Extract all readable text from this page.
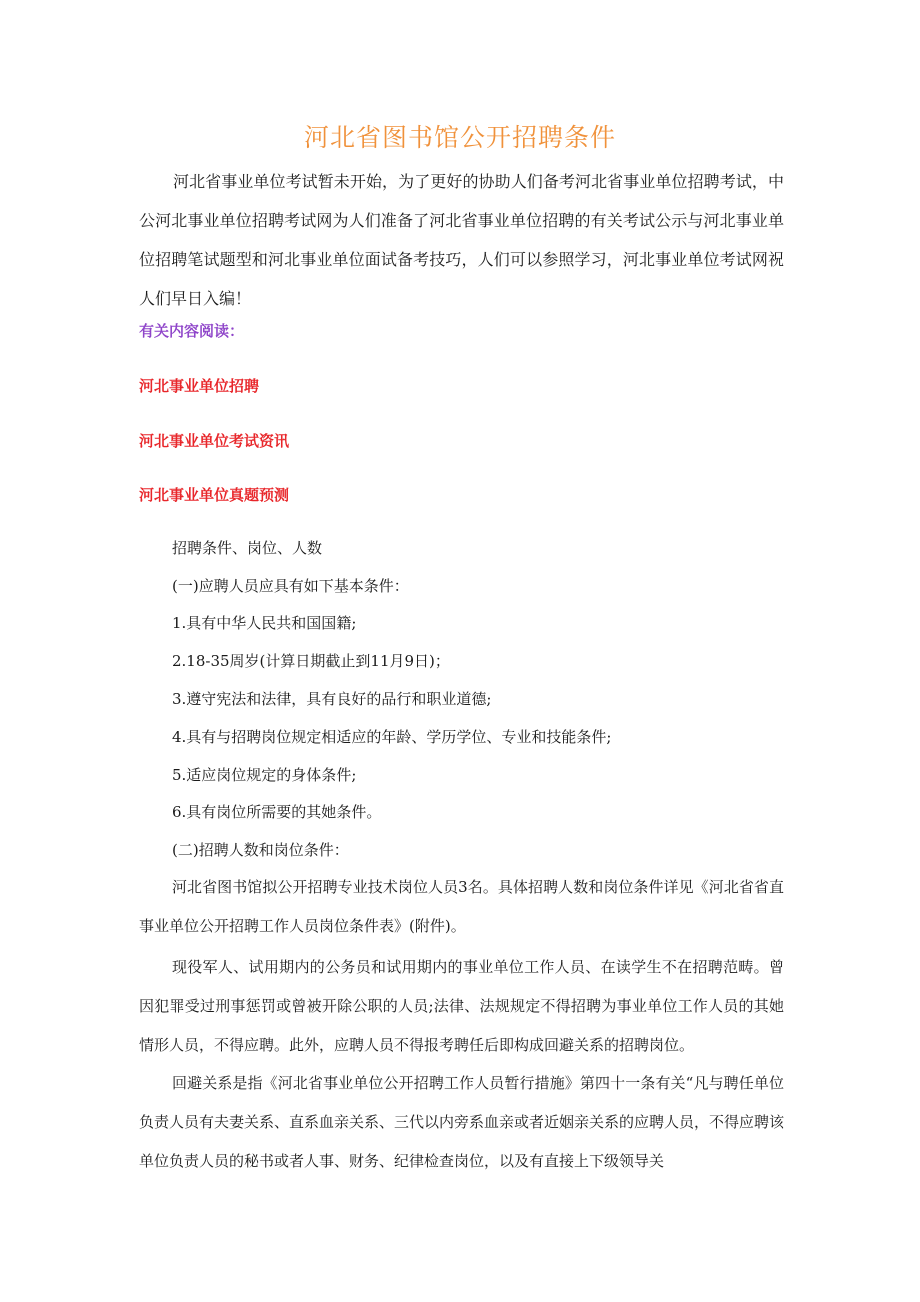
河北省图书馆公开招聘条件

河北省事业单位考试暂未开始，为了更好的协助人们备考河北省事业单位招聘考试，中公河北事业单位招聘考试网为人们准备了河北省事业单位招聘的有关考试公示与河北事业单位招聘笔试题型和河北事业单位面试备考技巧，人们可以参照学习，河北事业单位考试网祝人们早日入编！

有关内容阅读：
河北事业单位招聘
河北事业单位考试资讯
河北事业单位真题预测
招聘条件、岗位、人数
(一)应聘人员应具有如下基本条件：
1.具有中华人民共和国国籍;
2.18-35周岁(计算日期截止到11月9日)；
3.遵守宪法和法律，具有良好的品行和职业道德;
4.具有与招聘岗位规定相适应的年龄、学历学位、专业和技能条件;
5.适应岗位规定的身体条件;
6.具有岗位所需要的其她条件。
(二)招聘人数和岗位条件：

河北省图书馆拟公开招聘专业技术岗位人员3名。具体招聘人数和岗位条件详见《河北省省直事业单位公开招聘工作人员岗位条件表》(附件)。

现役军人、试用期内的公务员和试用期内的事业单位工作人员、在读学生不在招聘范畴。曾因犯罪受过刑事惩罚或曾被开除公职的人员;法律、法规规定不得招聘为事业单位工作人员的其她情形人员，不得应聘。此外，应聘人员不得报考聘任后即构成回避关系的招聘岗位。

回避关系是指《河北省事业单位公开招聘工作人员暂行措施》第四十一条有关“凡与聘任单位负责人员有夫妻关系、直系血亲关系、三代以内旁系血亲或者近姻亲关系的应聘人员，不得应聘该单位负责人员的秘书或者人事、财务、纪律检查岗位，以及有直接上下级领导关
